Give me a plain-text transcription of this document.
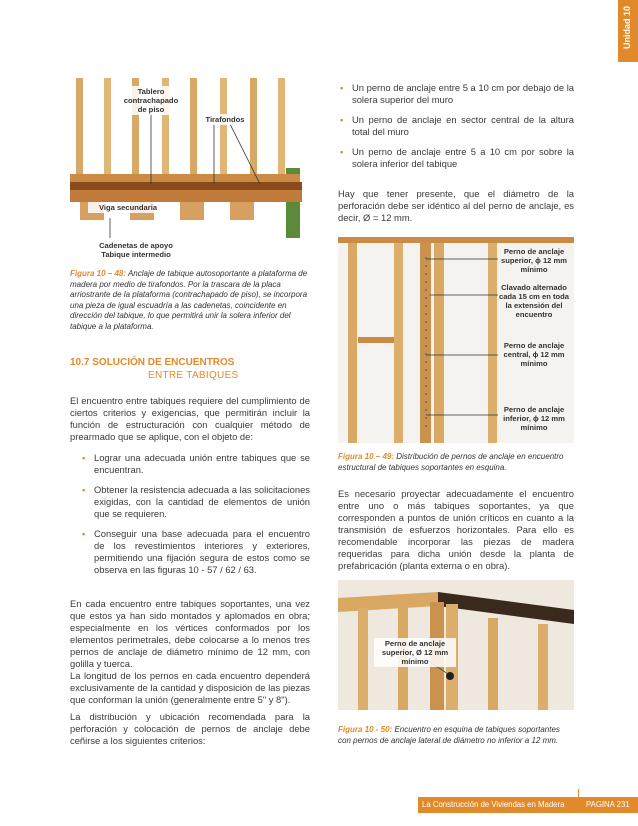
Unidad 10
Tablero
contrachapado
de piso
Tirafondos
Viga secundaria
Cadenetas de apoyo
Tabique intermedio
Figura 10 – 48: Anclaje de tabique autosoportante a plataforma de madera por medio de tirafondos. Por la trascara de la placa arriostrante de la plataforma (contrachapado de piso), se incorpora una pieza de igual escuadría a las cadenetas, coincidente en dirección del tabique, lo que permitirá unir la solera inferior del tabique a la plataforma.
10.7 SOLUCIÓN DE ENCUENTROS
ENTRE TABIQUES

El encuentro entre tabiques requiere del cumplimiento de ciertos criterios y exigencias, que permitirán incluir la función de estructuración con cualquier método de prearmado que se aplique, con el objeto de:

• Lograr una adecuada unión entre tabiques que se encuentran.
• Obtener la resistencia adecuada a las solicitaciones exigidas, con la cantidad de elementos de unión que se requieren.
• Conseguir una base adecuada para el encuentro de los revestimientos interiores y exteriores, permitiendo una fijación segura de estos como se observa en las figuras 10 - 57 / 62 / 63.

En cada encuentro entre tabiques soportantes, una vez que estos ya han sido montados y aplomados en obra; especialmente en los vértices conformados por los elementos perimetrales, debe colocarse a lo menos tres pernos de anclaje de diámetro mínimo de 12 mm, con golilla y tuerca.

La longitud de los pernos en cada encuentro dependerá exclusivamente de la cantidad y disposición de las piezas que conforman la unión (generalmente entre 5" y 8").

La distribución y ubicación recomendada para la perforación y colocación de pernos de anclaje debe ceñirse a los siguientes criterios:

• Un perno de anclaje entre 5 a 10 cm por debajo de la solera superior del muro
• Un perno de anclaje en sector central de la altura total del muro
• Un perno de anclaje entre 5 a 10 cm por sobre la solera inferior del tabique

Hay que tener presente, que el diámetro de la perforación debe ser idéntico al del perno de anclaje, es decir, Ø = 12 mm.

Perno de anclaje
superior, ϕ 12 mm
mínimo
Clavado alternado
cada 15 cm en toda
la extensión del
encuentro
Perno de anclaje
central, ϕ 12 mm
mínimo
Perno de anclaje
inferior, ϕ 12 mm
mínimo
Figura 10 – 49: Distribución de pernos de anclaje en encuentro estructural de tabiques soportantes en esquina.

Es necesario proyectar adecuadamente el encuentro entre uno o más tabiques soportantes, ya que corresponden a puntos de unión críticos en cuanto a la transmisión de esfuerzos horizontales. Para ello es recomendable incorporar las piezas de madera requeridas para dicha unión desde la planta de prefabricación (planta externa o en obra).

Perno de anclaje
superior, Ø 12 mm
mínimo
Figura 10 - 50: Encuentro en esquina de tabiques soportantes con pernos de anclaje lateral de diámetro no inferior a 12 mm.
La Construcción de Viviendas en Madera	PAGINA 231
